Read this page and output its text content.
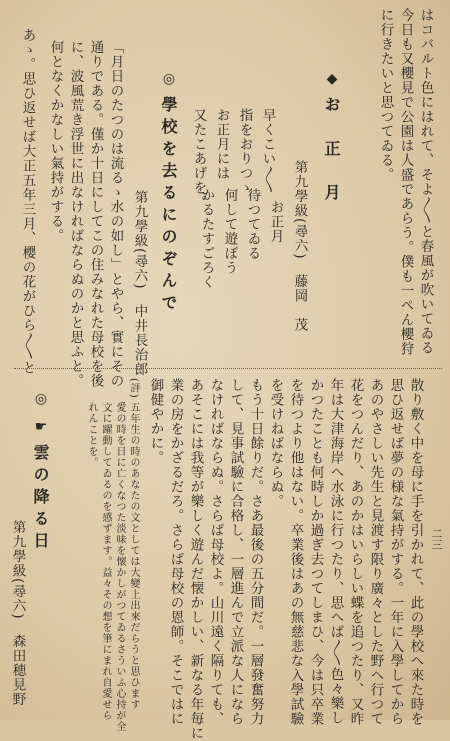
二三
はコバルト色にはれて、そよ〳〵と春風が吹いてゐる
今日も又櫻見で公園は人盛であらう。僕も一ぺん櫻狩
に行きたいと思つてゐる。
◆
お　正　月
第九學級(尋六)　藤岡　茂
お正月
早くこい〳〵
待つてゐる
指をおりつゝ
何して遊ぼう
お正月には
かるたすごろく
又たこあげを。
◎
學校を去るにのぞんで
第九學級(尋六)　中井長治郎
「月日のたつのは流るゝ水の如し」とやら、實にその
通りである。僅か十日にしてこの住みなれた母校を後
に、波風荒き浮世に出なければならぬのかと思ふと。
何となくかなしい氣持がする。
あゝ。思ひ返せば大正五年三月、櫻の花がひら〳〵と
散り敷く中を母に手を引かれて、此の學校へ來た時を
思ひ返せば夢の様な氣持がする。一年に入學してから
あのやさしい先生と見渡す限り廣々とした野へ行つて
花をつんだり、あのかはいらしい蝶を追つたり、又昨
年は大津海岸へ水泳に行つたり、思へば〳〵色々樂し
かつたことも何時しか過ぎ去つてしまひ、今は只卒業
を待つより他はない。卒業後はあの無慈悲な入學試驗
を受けねばならぬ。
もう十日餘りだ。さあ最後の五分間だ。一層發奮努力
して、見事試驗に合格し、一層進んで立派な人になら
なければならぬ。さらば母校よ。山川遠く隔りても、
あそこには我等が樂しく遊んだ懐かしい、新なる年毎に
業の房をかざるだろ。さらば母校の恩師。そこではに
御健やかに。
(評)
五年生の時のあなたの文としては大變上出來だらうと思ひます
愛の時を日に亡くなつた淡味を懐かしがつてゐるさういふ心持が全
文に躍動してゐるのを感ずます。益々その想を筆にまれ自愛せら
れんことを。
◎
☛
雲の降る日
第九學級(尋六)　森田穂見野
